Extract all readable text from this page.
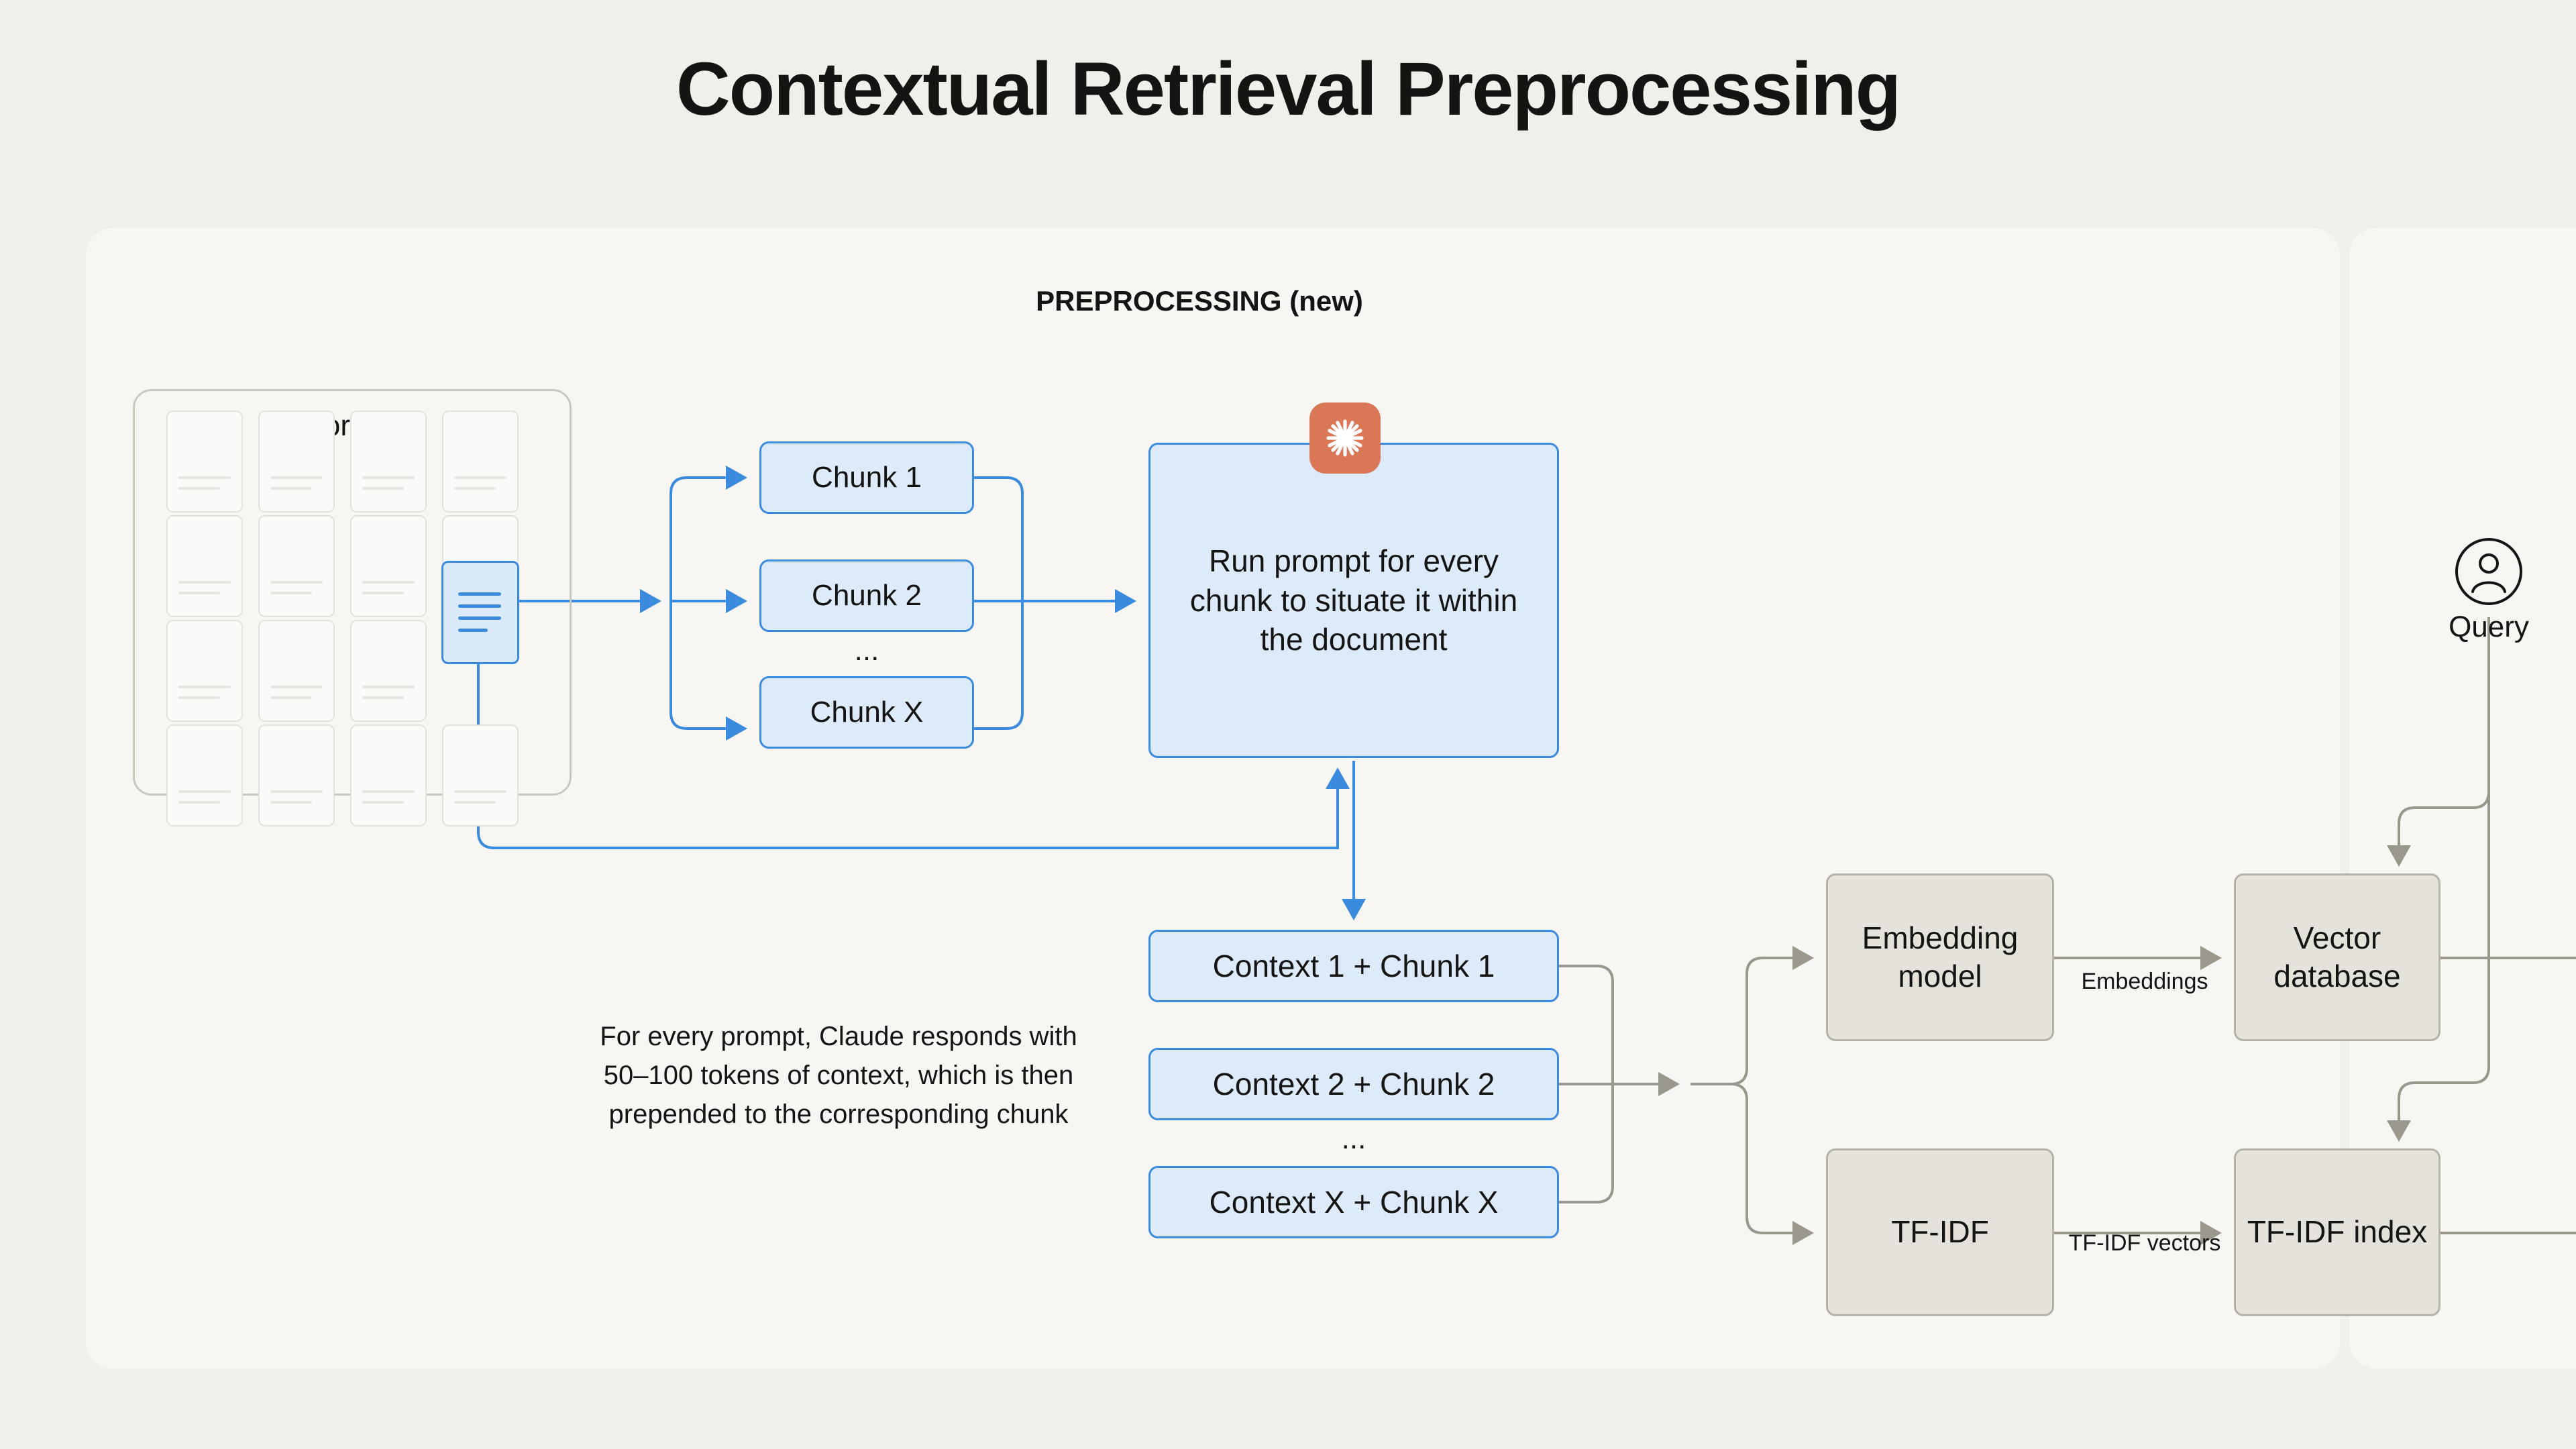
Contextual Retrieval Preprocessing
PREPROCESSING (new)
Chunk 1
Chunk 2
...
Chunk X
Run prompt for every chunk to situate it within the document
Context 1 + Chunk 1
Context 2 + Chunk 2
...
Context X + Chunk X
For every prompt, Claude responds with 50–100 tokens of context, which is then prepended to the corresponding chunk
Embedding model
Vector database
TF-IDF	TF-IDF index
Embeddings
TF-IDF vectors
Query
